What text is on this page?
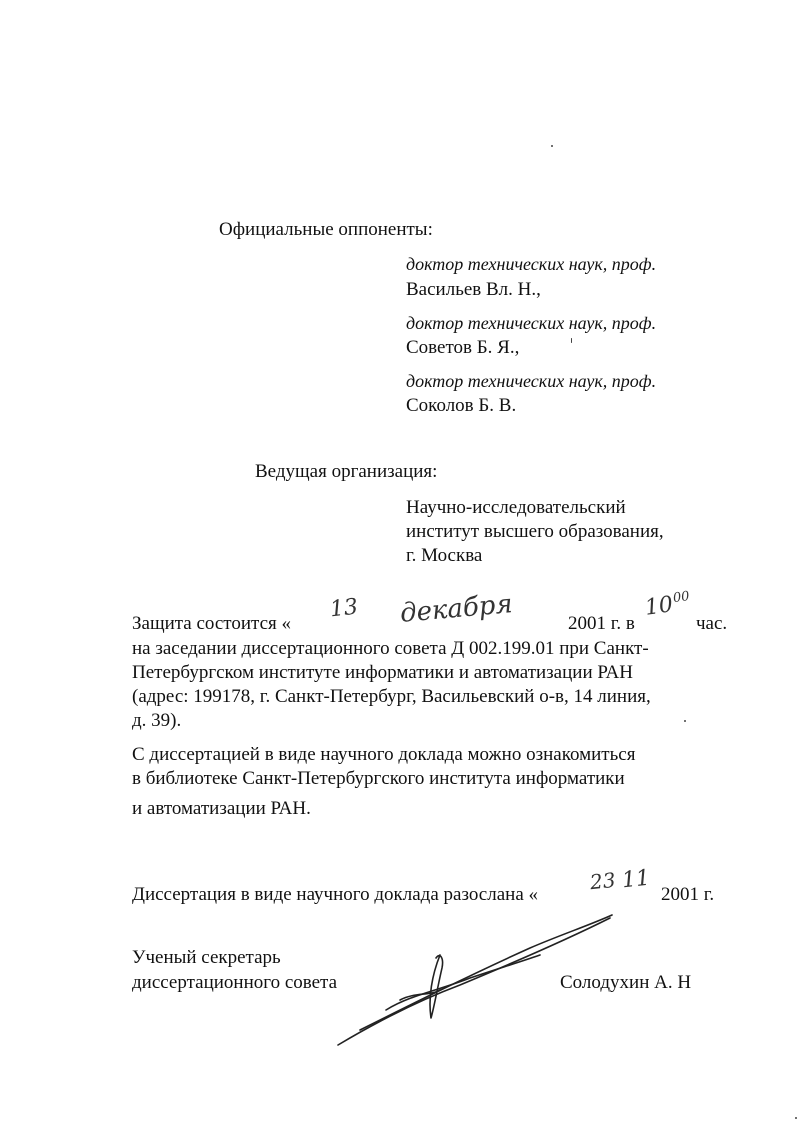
Официальные оппоненты:
доктор технических наук, проф.
Васильев Вл. Н.,
доктор технических наук, проф.
Советов Б. Я.,
доктор технических наук, проф.
Соколов Б. В.
Ведущая организация:
Научно-исследовательский
институт высшего образования,
г. Москва
Защита состоится «
13 декабря	2001 г. в
10
00
час.
на заседании диссертационного совета Д 002.199.01 при Санкт-
Петербургском институте информатики и автоматизации РАН
(адрес: 199178, г. Санкт-Петербург, Васильевский о-в, 14 линия,
д. 39).
С диссертацией в виде научного доклада можно ознакомиться
в библиотеке Санкт-Петербургского института информатики
и автоматизации РАН.
Диссертация в виде научного доклада разослана «
23 11
2001 г.
Ученый секретарь
диссертационного совета	Солодухин А. Н
